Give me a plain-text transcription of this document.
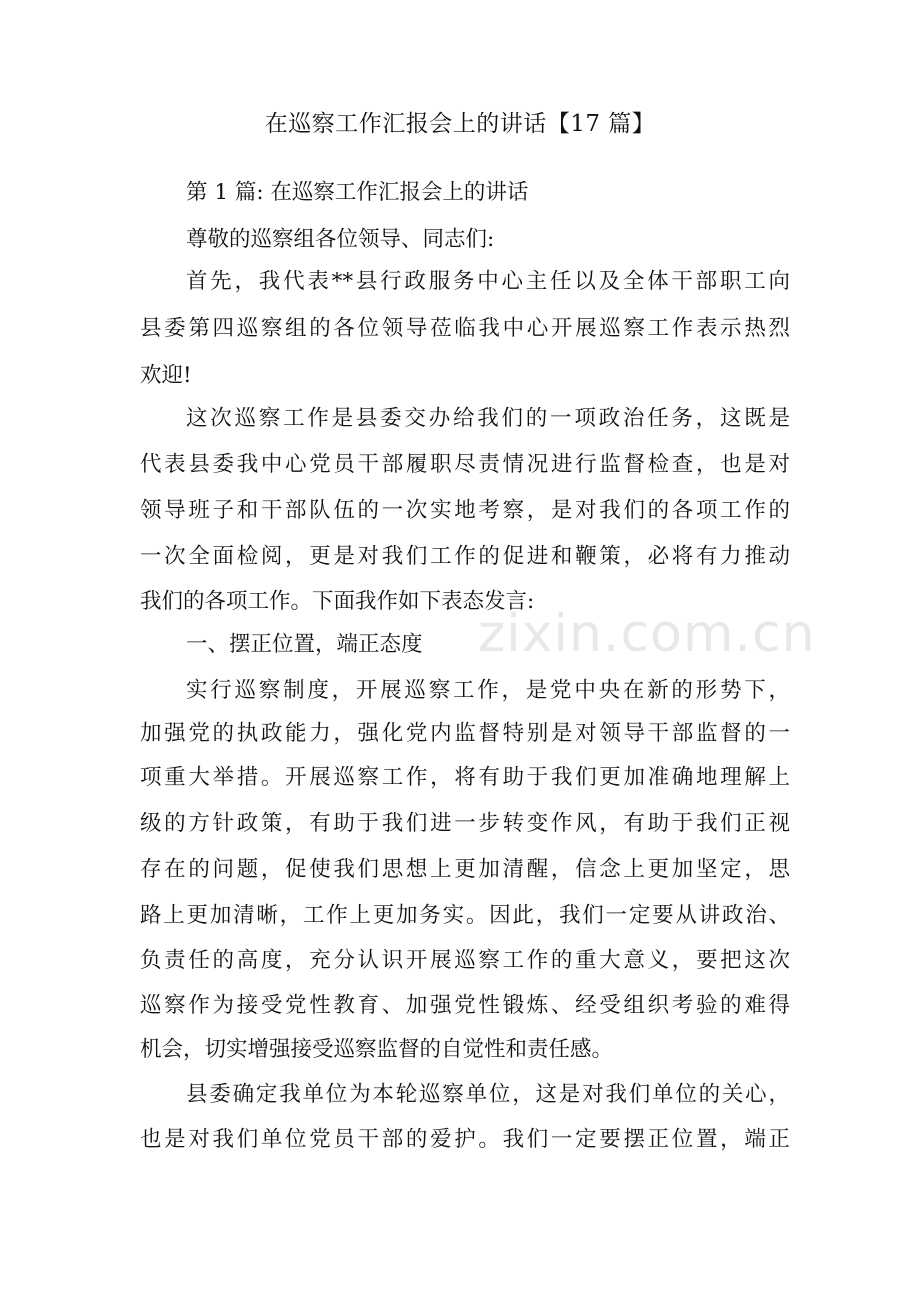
在巡察工作汇报会上的讲话【17 篇】

第 1 篇: 在巡察工作汇报会上的讲话

尊敬的巡察组各位领导、同志们:

首先，我代表**县行政服务中心主任以及全体干部职工向

县委第四巡察组的各位领导莅临我中心开展巡察工作表示热烈

欢迎!

这次巡察工作是县委交办给我们的一项政治任务，这既是

代表县委我中心党员干部履职尽责情况进行监督检查，也是对

领导班子和干部队伍的一次实地考察，是对我们的各项工作的

一次全面检阅，更是对我们工作的促进和鞭策，必将有力推动

我们的各项工作。下面我作如下表态发言:

一、摆正位置，端正态度

实行巡察制度，开展巡察工作，是党中央在新的形势下，

加强党的执政能力，强化党内监督特别是对领导干部监督的一

项重大举措。开展巡察工作，将有助于我们更加准确地理解上

级的方针政策，有助于我们进一步转变作风，有助于我们正视

存在的问题，促使我们思想上更加清醒，信念上更加坚定，思

路上更加清晰，工作上更加务实。因此，我们一定要从讲政治、

负责任的高度，充分认识开展巡察工作的重大意义，要把这次

巡察作为接受党性教育、加强党性锻炼、经受组织考验的难得

机会，切实增强接受巡察监督的自觉性和责任感。

县委确定我单位为本轮巡察单位，这是对我们单位的关心，

也是对我们单位党员干部的爱护。我们一定要摆正位置，端正

zixin.com.cn
